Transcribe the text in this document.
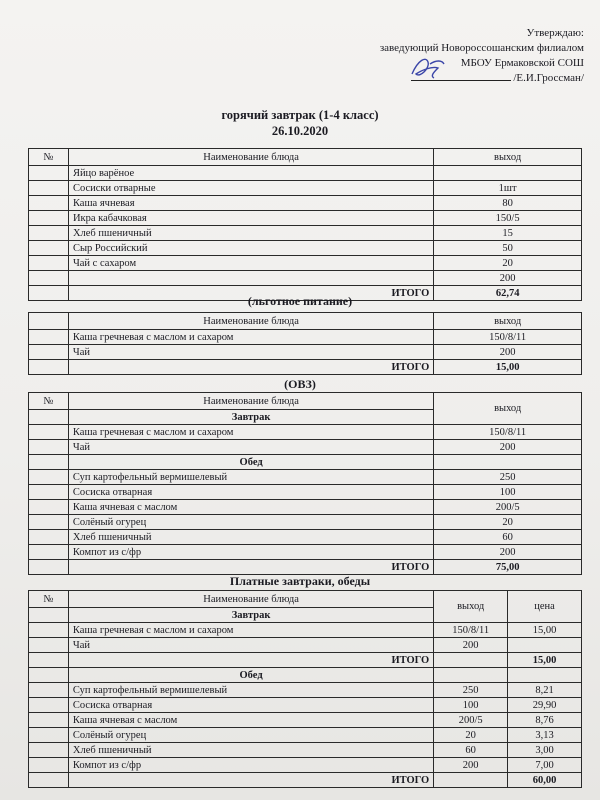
Утверждаю:
заведующий Новороссошанским филиалом
МБОУ Ермаковской СОШ
/Е.И.Гроссман/
горячий завтрак (1-4 класс)
26.10.2020
№	Наименование блюда	выход
	Яйцо варёное	
	Сосиски отварные	1шт
	Каша ячневая	80
	Икра кабачковая	150/5
	Хлеб пшеничный	15
	Сыр Российский	50
	Чай с сахаром	20
		200
	ИТОГО	62,74
(льготное питание)
	Наименование блюда	выход
	Каша гречневая с маслом и сахаром	150/8/11
	Чай	200
	ИТОГО	15,00
(ОВЗ)
№	Наименование блюда	выход
	Завтрак	
	Каша гречневая с маслом и сахаром	150/8/11
	Чай	200
	Обед	
	Суп картофельный вермишелевый	250
	Сосиска отварная	100
	Каша ячневая с маслом	200/5
	Солёный огурец	20
	Хлеб пшеничный	60
	Компот из с/фр	200
	ИТОГО	75,00
Платные завтраки, обеды
№	Наименование блюда	выход	цена
	Завтрак		
	Каша гречневая с маслом и сахаром	150/8/11	15,00
	Чай	200	
	ИТОГО		15,00
	Обед		
	Суп картофельный вермишелевый	250	8,21
	Сосиска отварная	100	29,90
	Каша ячневая с маслом	200/5	8,76
	Солёный огурец	20	3,13
	Хлеб пшеничный	60	3,00
	Компот из с/фр	200	7,00
	ИТОГО		60,00
